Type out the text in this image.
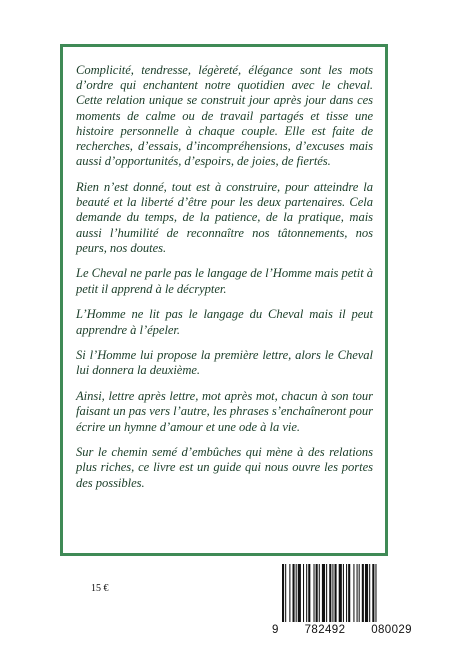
Complicité, tendresse, légèreté, élégance sont les mots d’ordre qui enchantent notre quotidien avec le cheval. Cette relation unique se construit jour après jour dans ces moments de calme ou de travail partagés et tisse une histoire personnelle à chaque couple. Elle est faite de recherches, d’essais, d’incompréhensions, d’excuses mais aussi d’opportunités, d’espoirs, de joies, de fiertés.

Rien n’est donné, tout est à construire, pour atteindre la beauté et la liberté d’être pour les deux partenaires. Cela demande du temps, de la patience, de la pratique, mais aussi l’humilité de reconnaître nos tâtonnements, nos peurs, nos doutes.

Le Cheval ne parle pas le langage de l’Homme mais petit à petit il apprend à le décrypter.

L’Homme ne lit pas le langage du Cheval mais il peut apprendre à l’épeler.

Si l’Homme lui propose la première lettre, alors le Cheval lui donnera la deuxième.

Ainsi, lettre après lettre, mot après mot, chacun à son tour faisant un pas vers l’autre, les phrases s’enchaîneront pour écrire un hymne d’amour et une ode à la vie.

Sur le chemin semé d’embûches qui mène à des relations plus riches, ce livre est un guide qui nous ouvre les portes des possibles.

15 €
9 782492 080029
